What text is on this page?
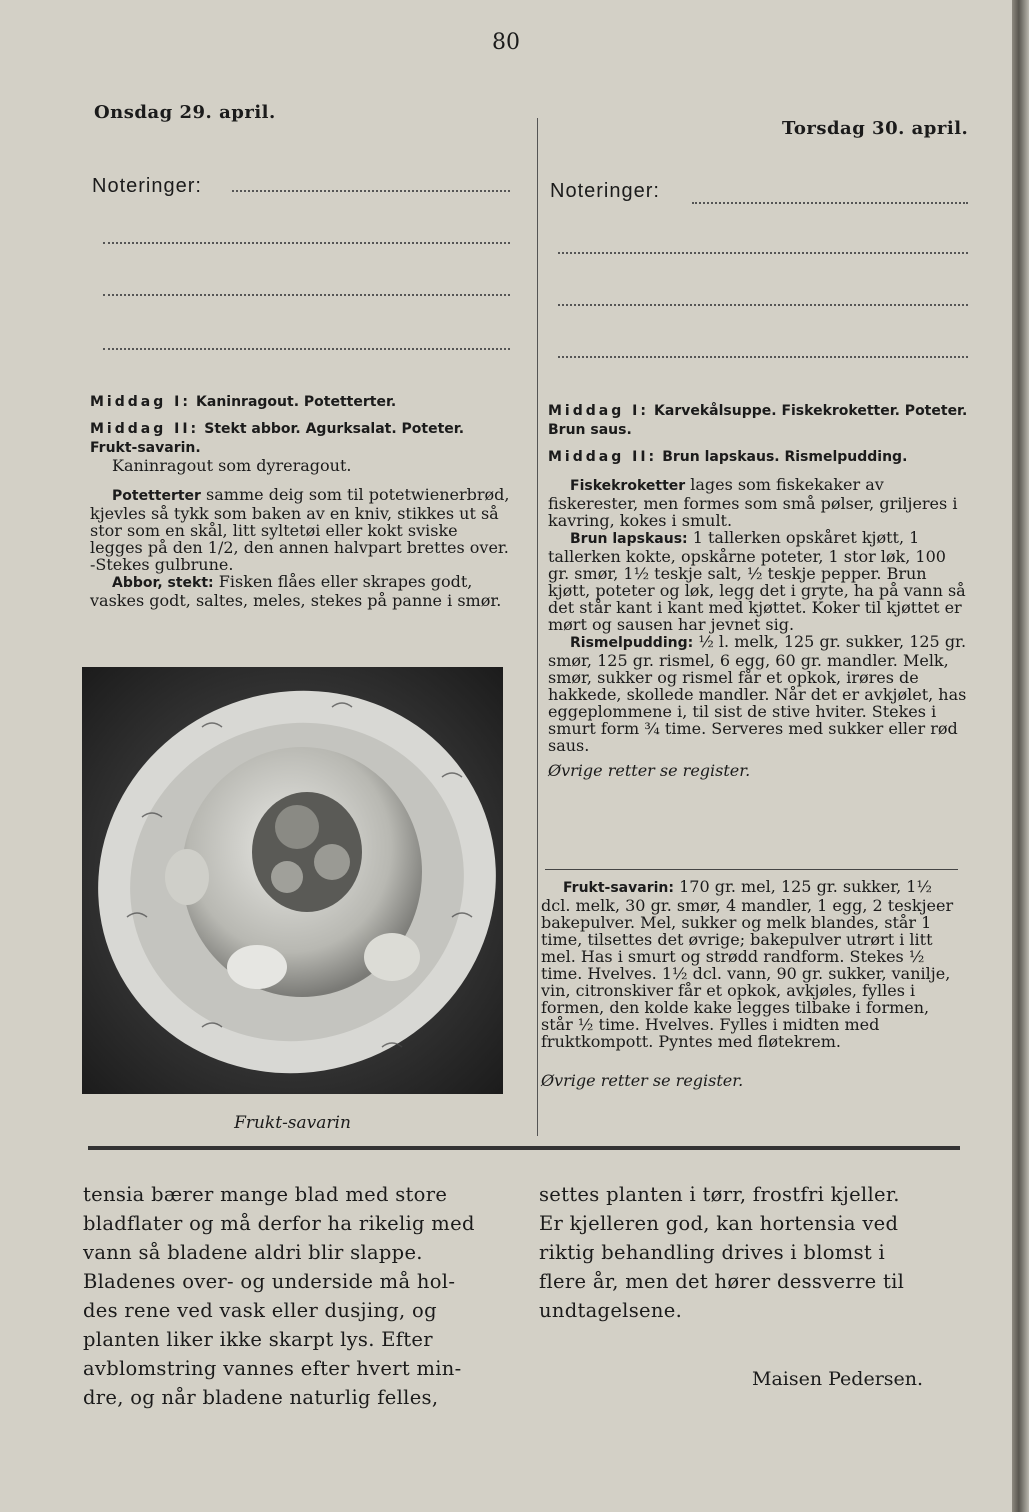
80
Onsdag 29. april.
Torsdag 30. april.
Noteringer:	Noteringer:

Middag I: Kaninragout. Potetterter.

Middag II: Stekt abbor. Agurksalat. Poteter. Frukt-savarin.

Kaninragout som dyreragout.

Potetterter samme deig som til potetwienerbrød, kjevles så tykk som baken av en kniv, stikkes ut så stor som en skål, litt syltetøi eller kokt sviske legges på den 1/2, den annen halvpart brettes over. -Stekes gulbrune.

Abbor, stekt: Fisken flåes eller skrapes godt, vaskes godt, saltes, meles, stekes på panne i smør.

Frukt-savarin

Middag I: Karvekålsuppe. Fiskekroketter. Poteter. Brun saus.

Middag II: Brun lapskaus. Rismelpudding.

Fiskekroketter lages som fiskekaker av fiskerester, men formes som små pølser, griljeres i kavring, kokes i smult.

Brun lapskaus: 1 tallerken opskåret kjøtt, 1 tallerken kokte, opskårne poteter, 1 stor løk, 100 gr. smør, 1½ teskje salt, ½ teskje pepper. Brun kjøtt, poteter og løk, legg det i gryte, ha på vann så det står kant i kant med kjøttet. Koker til kjøttet er mørt og sausen har jevnet sig.

Rismelpudding: ½ l. melk, 125 gr. sukker, 125 gr. smør, 125 gr. rismel, 6 egg, 60 gr. mandler. Melk, smør, sukker og rismel får et opkok, irøres de hakkede, skollede mandler. Når det er avkjølet, has eggeplommene i, til sist de stive hviter. Stekes i smurt form ¾ time. Serveres med sukker eller rød saus.

Øvrige retter se register.

Frukt-savarin: 170 gr. mel, 125 gr. sukker, 1½ dcl. melk, 30 gr. smør, 4 mandler, 1 egg, 2 teskjeer bakepulver. Mel, sukker og melk blandes, står 1 time, tilsettes det øvrige; bakepulver utrørt i litt mel. Has i smurt og strødd randform. Stekes ½ time. Hvelves. 1½ dcl. vann, 90 gr. sukker, vanilje, vin, citronskiver får et opkok, avkjøles, fylles i formen, den kolde kake legges tilbake i formen, står ½ time. Hvelves. Fylles i midten med fruktkompott. Pyntes med fløtekrem.

Øvrige retter se register.

tensia bærer mange blad med store

bladflater og må derfor ha rikelig med

vann så bladene aldri blir slappe.

Bladenes over- og underside må hol-

des rene ved vask eller dusjing, og

planten liker ikke skarpt lys. Efter

avblomstring vannes efter hvert min-

dre, og når bladene naturlig felles,

settes planten i tørr, frostfri kjeller.

Er kjelleren god, kan hortensia ved

riktig behandling drives i blomst i

flere år, men det hører dessverre til

undtagelsene.

Maisen Pedersen.
